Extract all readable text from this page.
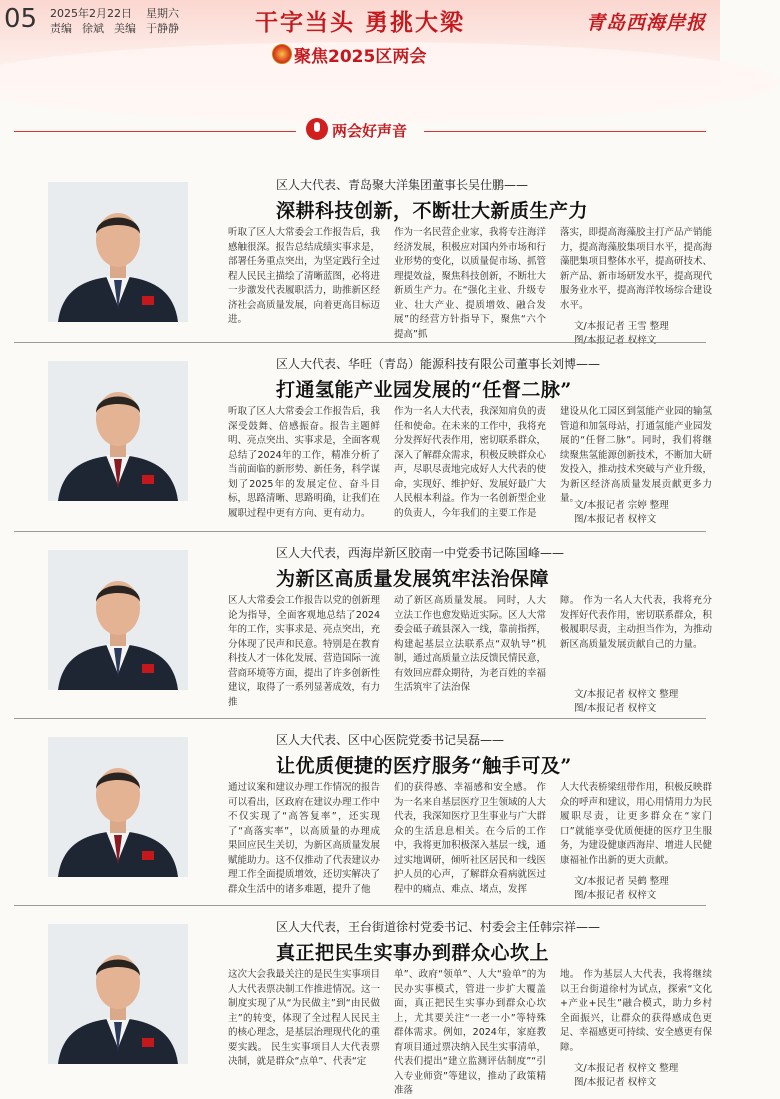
05 2025年2月22日 星期六
责编 徐斌 美编 于静静	干字当头 勇挑大梁
聚焦2025区两会
青岛西海岸报
两会好声音
区人大代表、青岛聚大洋集团董事长吴仕鹏——
深耕科技创新，不断壮大新质生产力
听取了区人大常委会工作报告后，我感触很深。报告总结成绩实事求是，部署任务重点突出，为坚定践行全过程人民民主描绘了清晰蓝图，必将进一步激发代表履职活力，助推新区经济社会高质量发展，向着更高目标迈进。
作为一名民营企业家，我将专注海洋经济发展，积极应对国内外市场和行业形势的变化，以质量促市场、抓管理提效益，聚焦科技创新，不断壮大新质生产力。在“强化主业、升级专业、壮大产业、提质增效、融合发展”的经营方针指导下，聚焦“六个提高”抓
落实，即提高海藻胶主打产品产销能力，提高海藻胶集项目水平，提高海藻肥集项目整体水平，提高研技术、新产品、新市场研发水平，提高现代服务业水平，提高海洋牧场综合建设水平。
文/本报记者 王雪 整理
图/本报记者 权梓文
区人大代表、华旺（青岛）能源科技有限公司董事长刘博——
打通氢能产业园发展的“任督二脉”
听取了区人大常委会工作报告后，我深受鼓舞、倍感振奋。报告主题鲜明、亮点突出、实事求是，全面客观总结了2024年的工作，精准分析了当前面临的新形势、新任务，科学谋划了2025年的发展定位、奋斗目标，思路清晰、思路明确，让我们在履职过程中更有方向、更有动力。
作为一名人大代表，我深知肩负的责任和使命。在未来的工作中，我将充分发挥好代表作用，密切联系群众，深入了解群众需求，积极反映群众心声，尽职尽责地完成好人大代表的使命，实现好、维护好、发展好最广大人民根本利益。作为一名创新型企业的负责人，今年我们的主要工作是
建设从化工园区到氢能产业园的输氢管道和加氢母站，打通氢能产业园发展的“任督二脉”。同时，我们将继续聚焦氢能源创新技术，不断加大研发投入，推动技术突破与产业升级，为新区经济高质量发展贡献更多力量。
文/本报记者 宗婷 整理
图/本报记者 权梓文
区人大代表，西海岸新区胶南一中党委书记陈国峰——
为新区高质量发展筑牢法治保障
区人大常委会工作报告以党的创新理论为指导，全面客观地总结了2024年的工作，实事求是、亮点突出，充分体现了民声和民意。特别是在教育科技人才一体化发展、营造国际一流营商环境等方面，提出了许多创新性建议，取得了一系列显著成效，有力推
动了新区高质量发展。 同时，人大立法工作也愈发贴近实际。区人大常委会砥子疏县深入一线，靠前指挥，构建起基层立法联系点“双轨导”机制，通过高质量立法反馈民情民意，有效回应群众期待，为老百姓的幸福生活筑牢了法治保
障。 作为一名人大代表，我将充分发挥好代表作用，密切联系群众，积极履职尽责，主动担当作为，为推动新区高质量发展贡献自己的力量。
文/本报记者 权梓文 整理
图/本报记者 权梓文
区人大代表、区中心医院党委书记吴磊——
让优质便捷的医疗服务“触手可及”
通过议案和建议办理工作情况的报告可以看出，区政府在建议办理工作中不仅实现了“高答复率”，还实现了“高落实率”，以高质量的办理成果回应民生关切，为新区高质量发展赋能助力。这不仅推动了代表建议办理工作全面提质增效，还切实解决了群众生活中的诸多难题，提升了他
们的获得感、幸福感和安全感。 作为一名来自基层医疗卫生领域的人大代表，我深知医疗卫生事业与广大群众的生活息息相关。在今后的工作中，我将更加积极深入基层一线，通过实地调研，倾听社区居民和一线医护人员的心声，了解群众看病就医过程中的痛点、难点、堵点，发挥
人大代表桥梁纽带作用，积极反映群众的呼声和建议，用心用情用力为民履职尽责，让更多群众在“家门口”就能享受优质便捷的医疗卫生服务，为建设健康西海岸、增进人民健康福祉作出新的更大贡献。
文/本报记者 吴鹤 整理
图/本报记者 权梓文
区人大代表，王台街道徐村党委书记、村委会主任韩宗祥——
真正把民生实事办到群众心坎上
这次大会我最关注的是民生实事项目人大代表票决制工作推进情况。这一制度实现了从“为民做主”到“由民做主”的转变，体现了全过程人民民主的核心理念，是基层治理现代化的重要实践。 民生实事项目人大代表票决制，就是群众“点单”、代表“定
单”、政府“领单”、人大“验单”的为民办实事模式，管进一步扩大覆盖面，真正把民生实事办到群众心坎上，尤其要关注“一老一小”等特殊群体需求。例如，2024年，家庭教育项目通过票决纳入民生实事清单，代表们提出“建立监测评估制度”“引入专业师资”等建议，推动了政策精准落
地。 作为基层人大代表，我将继续以王台街道徐村为试点，探索“文化+产业+民生”融合模式，助力乡村全面振兴，让群众的获得感成色更足、幸福感更可持续、安全感更有保障。
文/本报记者 权梓文 整理
图/本报记者 权梓文
